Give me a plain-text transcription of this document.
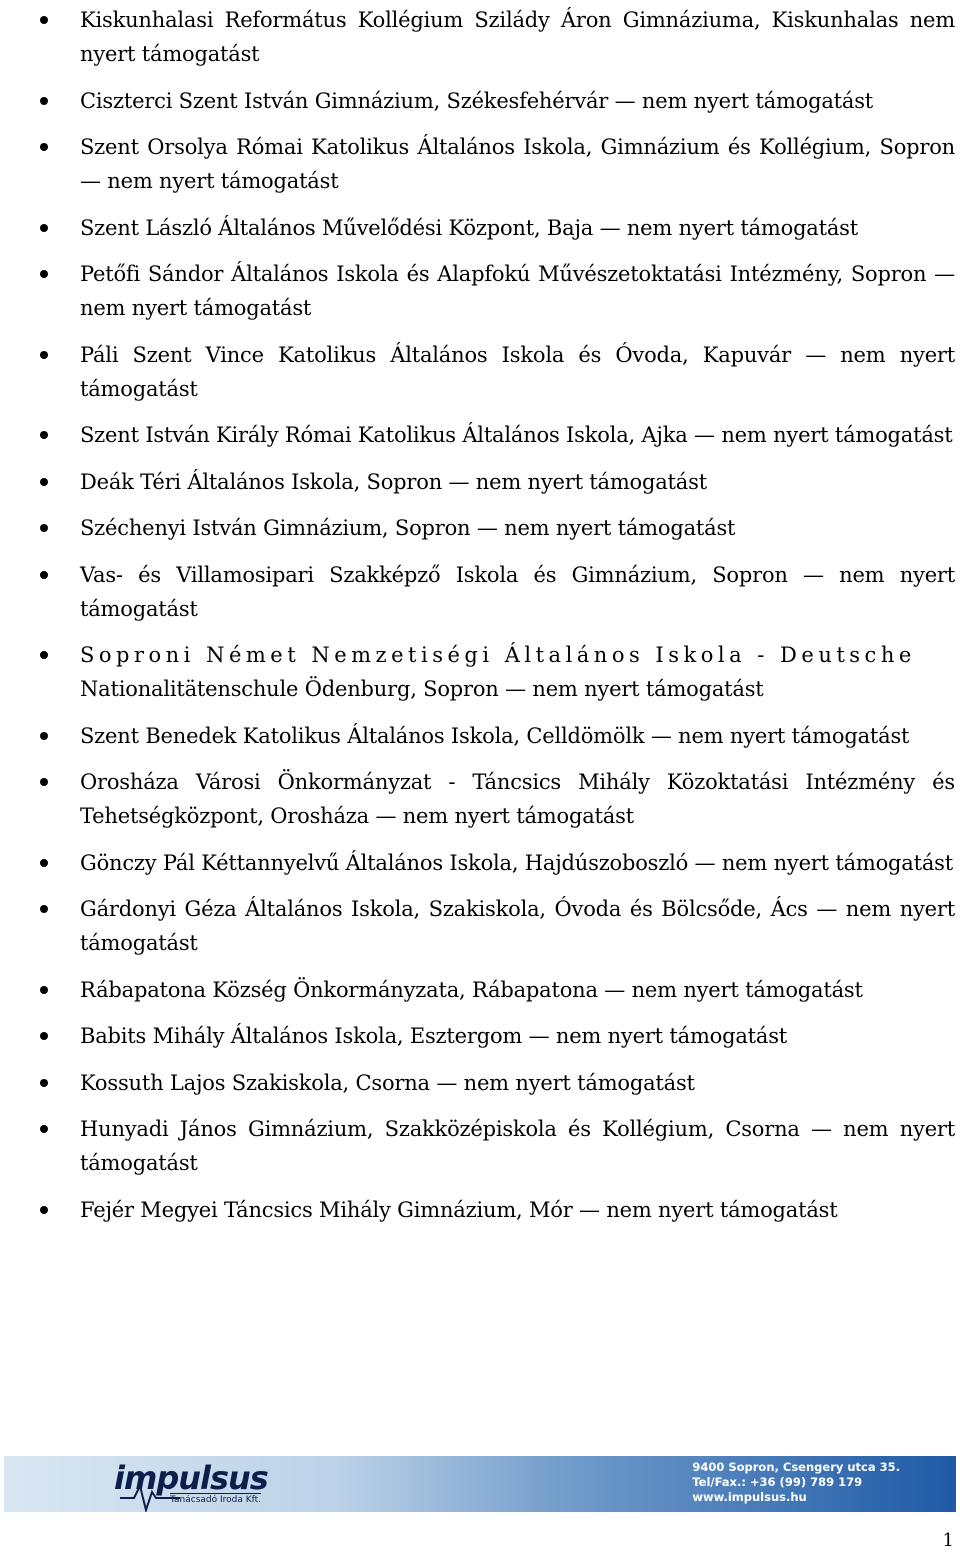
Kiskunhalasi Református Kollégium Szilády Áron Gimnáziuma, Kiskunhalas nem nyert támogatást
Ciszterci Szent István Gimnázium, Székesfehérvár — nem nyert támogatást
Szent Orsolya Római Katolikus Általános Iskola, Gimnázium és Kollégium, Sopron — nem nyert támogatást
Szent László Általános Művelődési Központ, Baja — nem nyert támogatást
Petőfi Sándor Általános Iskola és Alapfokú Művészetoktatási Intézmény, Sopron — nem nyert támogatást
Páli Szent Vince Katolikus Általános Iskola és Óvoda, Kapuvár — nem nyert támogatást
Szent István Király Római Katolikus Általános Iskola, Ajka — nem nyert támogatást
Deák Téri Általános Iskola, Sopron — nem nyert támogatást
Széchenyi István Gimnázium, Sopron — nem nyert támogatást
Vas- és Villamosipari Szakképző Iskola és Gimnázium, Sopron — nem nyert támogatást
Soproni Német Nemzetiségi Általános Iskola - Deutsche
Nationalitätenschule Ödenburg, Sopron — nem nyert támogatást
Szent Benedek Katolikus Általános Iskola, Celldömölk — nem nyert támogatást
Orosháza Városi Önkormányzat - Táncsics Mihály Közoktatási Intézmény és Tehetségközpont, Orosháza — nem nyert támogatást
Gönczy Pál Kéttannyelvű Általános Iskola, Hajdúszoboszló — nem nyert támogatást
Gárdonyi Géza Általános Iskola, Szakiskola, Óvoda és Bölcsőde, Ács — nem nyert támogatást
Rábapatona Község Önkormányzata, Rábapatona — nem nyert támogatást
Babits Mihály Általános Iskola, Esztergom — nem nyert támogatást
Kossuth Lajos Szakiskola, Csorna — nem nyert támogatást
Hunyadi János Gimnázium, Szakközépiskola és Kollégium, Csorna — nem nyert támogatást
Fejér Megyei Táncsics Mihály Gimnázium, Mór — nem nyert támogatást
impulsus
Tanácsadó Iroda Kft.
9400 Sopron, Csengery utca 35.
Tel/Fax.: +36 (99) 789 179
www.impulsus.hu
1
